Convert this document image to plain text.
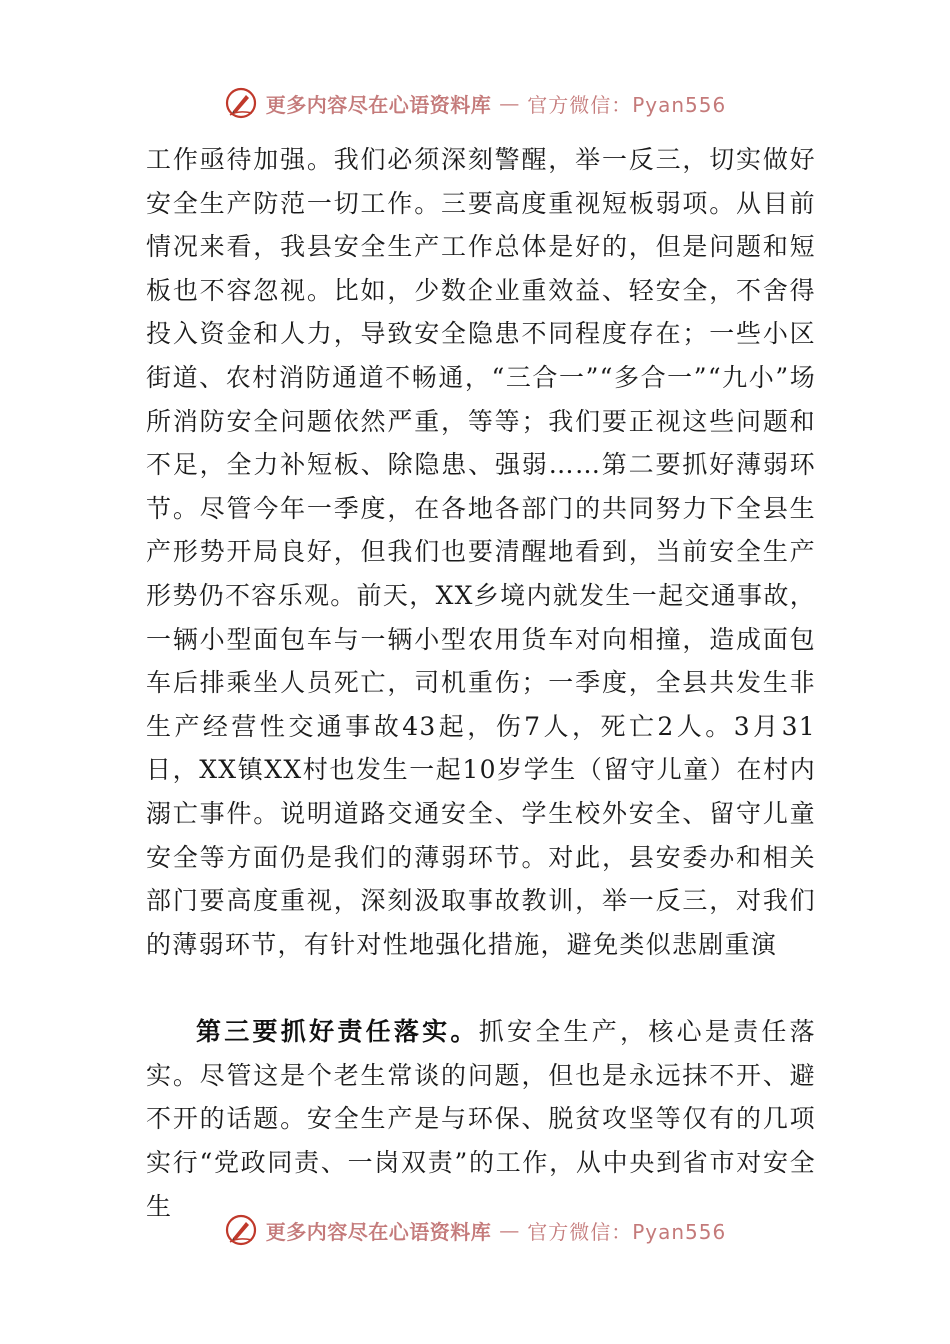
更多内容尽在心语资料库 — 官方微信：Pyan556

工作亟待加强。我们必须深刻警醒，举一反三，切实做好安全生产防范一切工作。三要高度重视短板弱项。从目前情况来看，我县安全生产工作总体是好的，但是问题和短板也不容忽视。比如，少数企业重效益、轻安全，不舍得投入资金和人力，导致安全隐患不同程度存在；一些小区街道、农村消防通道不畅通，“三合一”“多合一”“九小”场所消防安全问题依然严重，等等；我们要正视这些问题和不足，全力补短板、除隐患、强弱……第二要抓好薄弱环节。尽管今年一季度，在各地各部门的共同努力下全县生产形势开局良好，但我们也要清醒地看到，当前安全生产形势仍不容乐观。前天，XX乡境内就发生一起交通事故，一辆小型面包车与一辆小型农用货车对向相撞，造成面包车后排乘坐人员死亡，司机重伤；一季度，全县共发生非生产经营性交通事故43起，伤7人，死亡2人。3月31日，XX镇XX村也发生一起10岁学生（留守儿童）在村内溺亡事件。说明道路交通安全、学生校外安全、留守儿童安全等方面仍是我们的薄弱环节。对此，县安委办和相关部门要高度重视，深刻汲取事故教训，举一反三，对我们的薄弱环节，有针对性地强化措施，避免类似悲剧重演

第三要抓好责任落实。抓安全生产，核心是责任落实。尽管这是个老生常谈的问题，但也是永远抹不开、避不开的话题。安全生产是与环保、脱贫攻坚等仅有的几项实行“党政同责、一岗双责”的工作，从中央到省市对安全生

更多内容尽在心语资料库 — 官方微信：Pyan556
